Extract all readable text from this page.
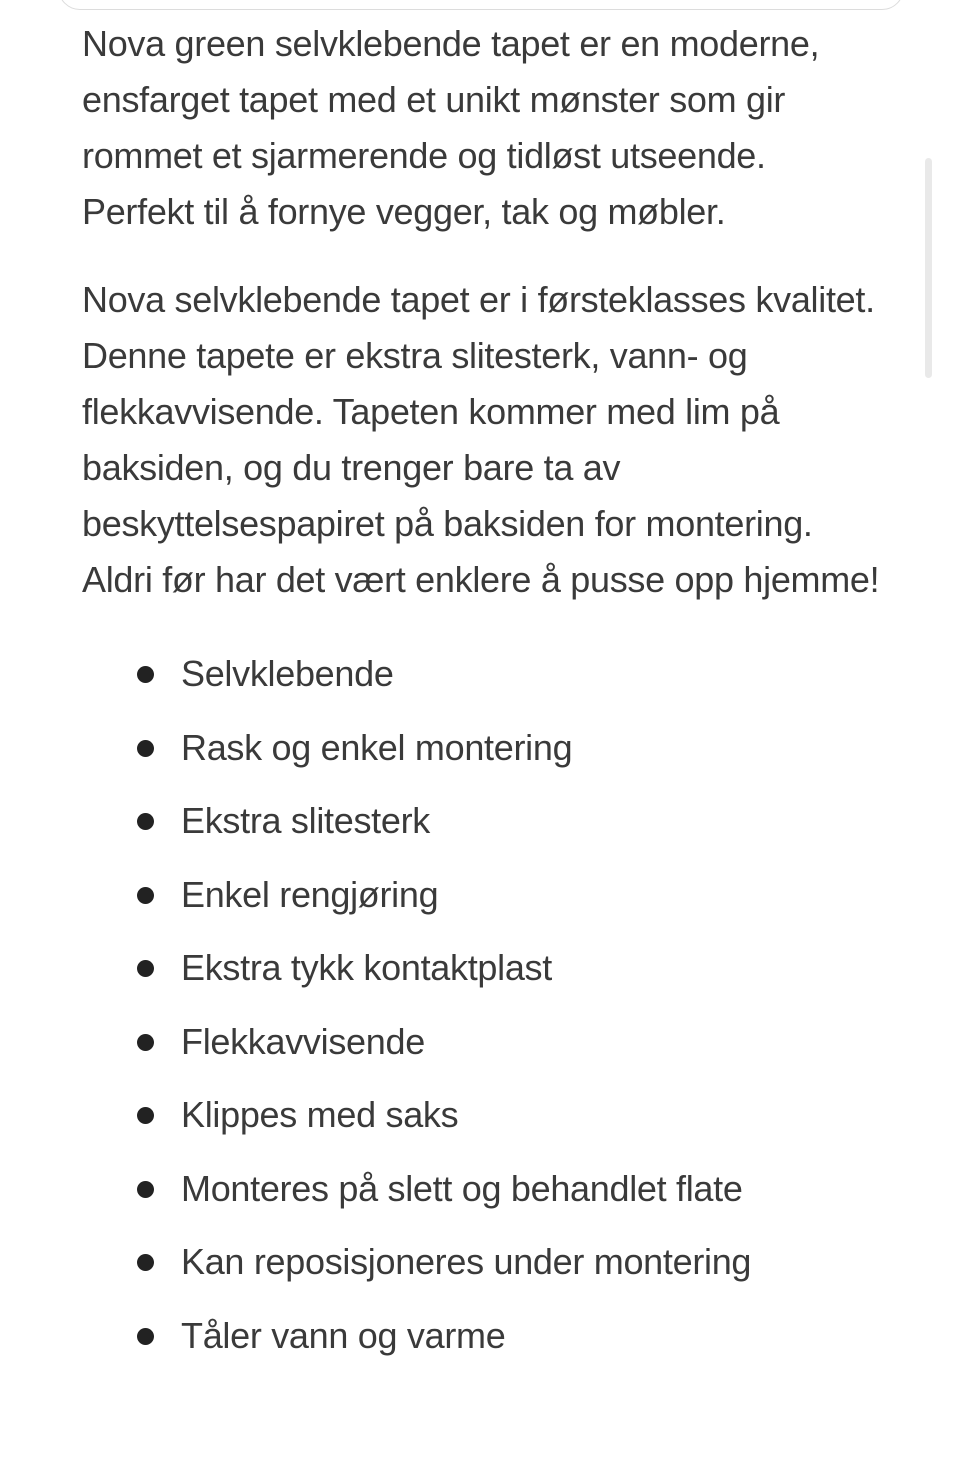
Nova green selvklebende tapet er en moderne, ensfarget tapet med et unikt mønster som gir rommet et sjarmerende og tidløst utseende. Perfekt til å fornye vegger, tak og møbler.

Nova selvklebende tapet er i førsteklasses kvalitet. Denne tapete er ekstra slitesterk, vann- og flekkavvisende. Tapeten kommer med lim på baksiden, og du trenger bare ta av beskyttelsespapiret på baksiden for montering. Aldri før har det vært enklere å pusse opp hjemme!

Selvklebende
Rask og enkel montering
Ekstra slitesterk
Enkel rengjøring
Ekstra tykk kontaktplast
Flekkavvisende
Klippes med saks
Monteres på slett og behandlet flate
Kan reposisjoneres under montering
Tåler vann og varme
